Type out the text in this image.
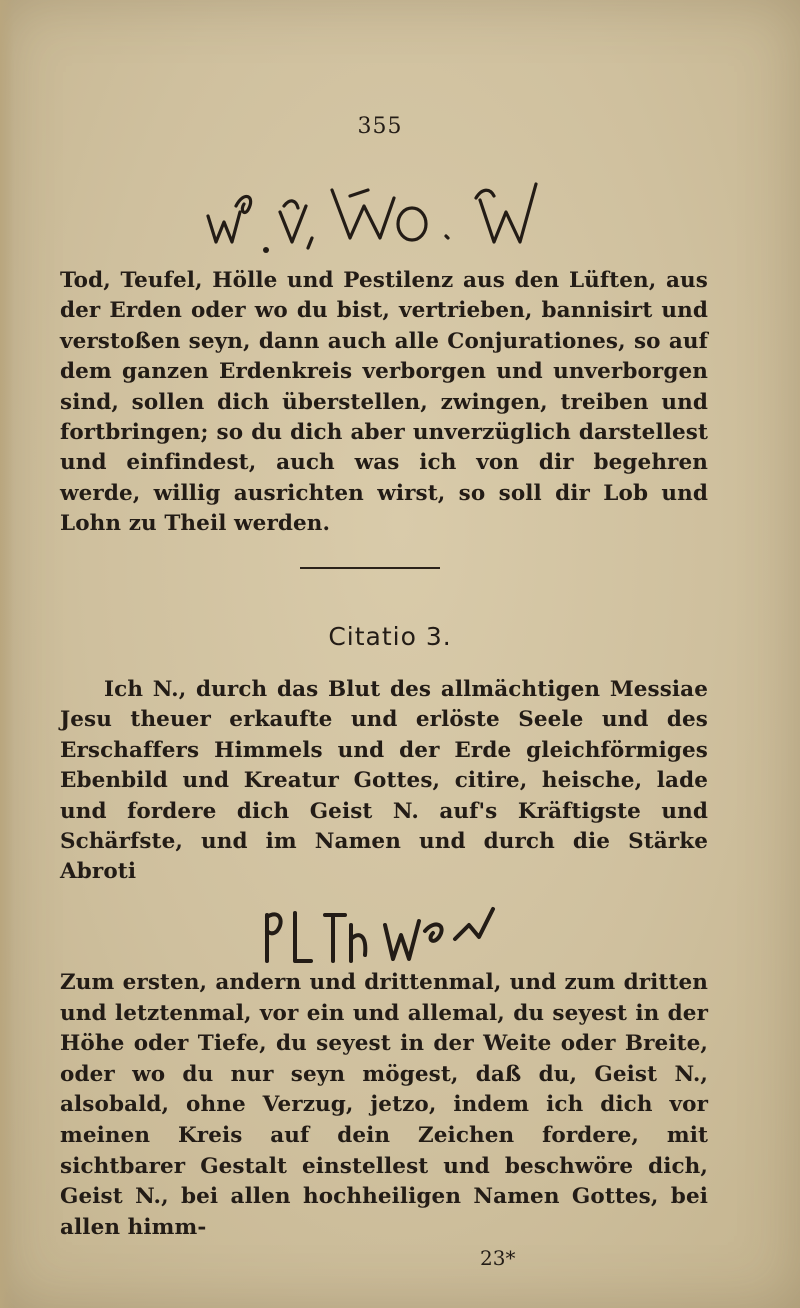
355

Tod, Teufel, Hölle und Pestilenz aus den Lüften, aus der Erden oder wo du bist, vertrieben, bannisirt und verstoßen seyn, dann auch alle Conjurationes, so auf dem ganzen Erdenkreis verborgen und unverborgen sind, sollen dich überstellen, zwingen, treiben und fortbringen; so du dich aber unverzüglich darstellest und einfindest, auch was ich von dir begehren werde, willig ausrichten wirst, so soll dir Lob und Lohn zu Theil werden.

Citatio 3.

Ich N., durch das Blut des allmächtigen Messiae Jesu theuer erkaufte und erlöste Seele und des Erschaffers Himmels und der Erde gleichförmiges Ebenbild und Kreatur Gottes, citire, heische, lade und fordere dich Geist N. auf's Kräftigste und Schärfste, und im Namen und durch die Stärke Abroti

Zum ersten, andern und drittenmal, und zum dritten und letztenmal, vor ein und allemal, du seyest in der Höhe oder Tiefe, du seyest in der Weite oder Breite, oder wo du nur seyn mögest, daß du, Geist N., alsobald, ohne Verzug, jetzo, indem ich dich vor meinen Kreis auf dein Zeichen fordere, mit sichtbarer Gestalt einstellest und beschwöre dich, Geist N., bei allen hochheiligen Namen Gottes, bei allen himm-

23*
